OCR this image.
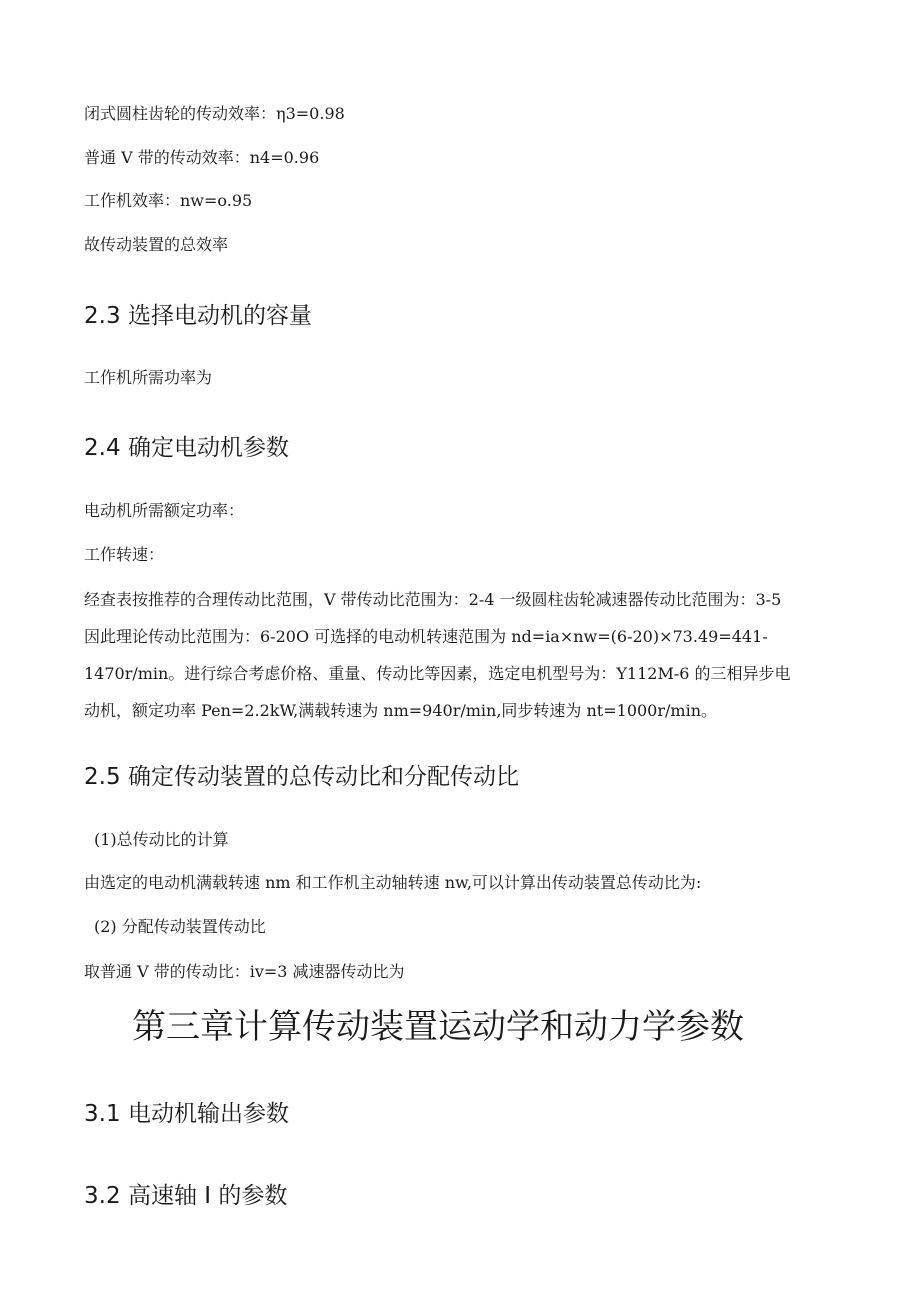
闭式圆柱齿轮的传动效率：η3=0.98
普通 V 带的传动效率：n4=0.96
工作机效率：nw=o.95
故传动装置的总效率
2.3 选择电动机的容量
工作机所需功率为
2.4 确定电动机参数
电动机所需额定功率：
工作转速：
经查表按推荐的合理传动比范围，V 带传动比范围为：2-4 一级圆柱齿轮减速器传动比范围为：3-5
因此理论传动比范围为：6-20O 可选择的电动机转速范围为 nd=ia×nw=(6-20)×73.49=441-
1470r∕min。进行综合考虑价格、重量、传动比等因素，选定电机型号为：Y112M-6 的三相异步电
动机，额定功率 Pen=2.2kW,满载转速为 nm=940r∕min,同步转速为 nt=1000r∕min。
2.5 确定传动装置的总传动比和分配传动比
(1)总传动比的计算
由选定的电动机满载转速 nm 和工作机主动轴转速 nw,可以计算出传动装置总传动比为:
(2) 分配传动装置传动比
取普通 V 带的传动比：iv=3 减速器传动比为
第三章计算传动装置运动学和动力学参数
3.1 电动机输出参数
3.2 高速轴 I 的参数
